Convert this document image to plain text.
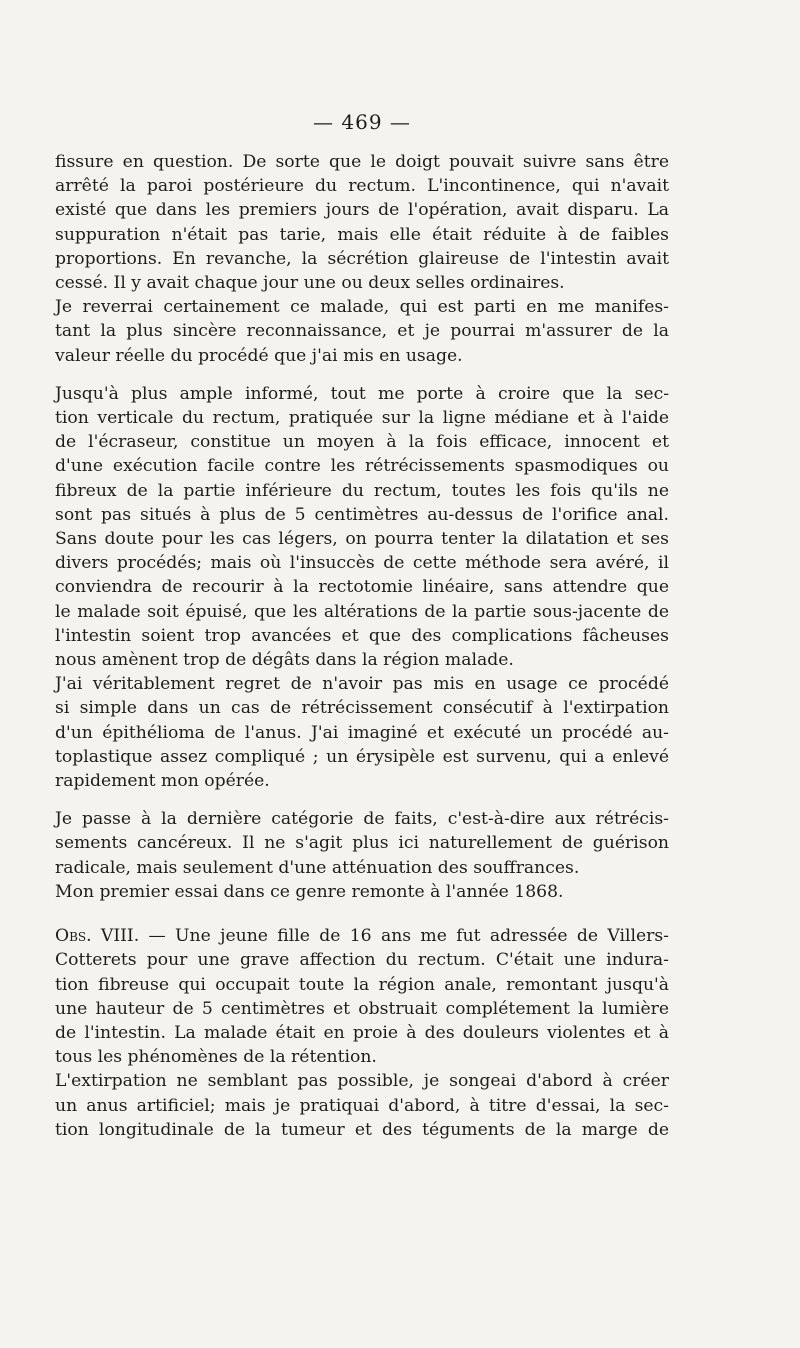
— 469 —
fissure en question. De sorte que le doigt pouvait suivre sans être
arrêté la paroi postérieure du rectum. L'incontinence, qui n'avait
existé que dans les premiers jours de l'opération, avait disparu. La
suppuration n'était pas tarie, mais elle était réduite à de faibles
proportions. En revanche, la sécrétion glaireuse de l'intestin avait
cessé. Il y avait chaque jour une ou deux selles ordinaires.
Je reverrai certainement ce malade, qui est parti en me manifes-
tant la plus sincère reconnaissance, et je pourrai m'assurer de la
valeur réelle du procédé que j'ai mis en usage.
Jusqu'à plus ample informé, tout me porte à croire que la sec-
tion verticale du rectum, pratiquée sur la ligne médiane et à l'aide
de l'écraseur, constitue un moyen à la fois efficace, innocent et
d'une exécution facile contre les rétrécissements spasmodiques ou
fibreux de la partie inférieure du rectum, toutes les fois qu'ils ne
sont pas situés à plus de 5 centimètres au-dessus de l'orifice anal.
Sans doute pour les cas légers, on pourra tenter la dilatation et ses
divers procédés; mais où l'insuccès de cette méthode sera avéré, il
conviendra de recourir à la rectotomie linéaire, sans attendre que
le malade soit épuisé, que les altérations de la partie sous-jacente de
l'intestin soient trop avancées et que des complications fâcheuses
nous amènent trop de dégâts dans la région malade.
J'ai véritablement regret de n'avoir pas mis en usage ce procédé
si simple dans un cas de rétrécissement consécutif à l'extirpation
d'un épithélioma de l'anus. J'ai imaginé et exécuté un procédé au-
toplastique assez compliqué ; un érysipèle est survenu, qui a enlevé
rapidement mon opérée.
Je passe à la dernière catégorie de faits, c'est-à-dire aux rétrécis-
sements cancéreux. Il ne s'agit plus ici naturellement de guérison
radicale, mais seulement d'une atténuation des souffrances.
Mon premier essai dans ce genre remonte à l'année 1868.
Obs. VIII. — Une jeune fille de 16 ans me fut adressée de Villers-
Cotterets pour une grave affection du rectum. C'était une indura-
tion fibreuse qui occupait toute la région anale, remontant jusqu'à
une hauteur de 5 centimètres et obstruait complétement la lumière
de l'intestin. La malade était en proie à des douleurs violentes et à
tous les phénomènes de la rétention.
L'extirpation ne semblant pas possible, je songeai d'abord à créer
un anus artificiel; mais je pratiquai d'abord, à titre d'essai, la sec-
tion longitudinale de la tumeur et des téguments de la marge de
